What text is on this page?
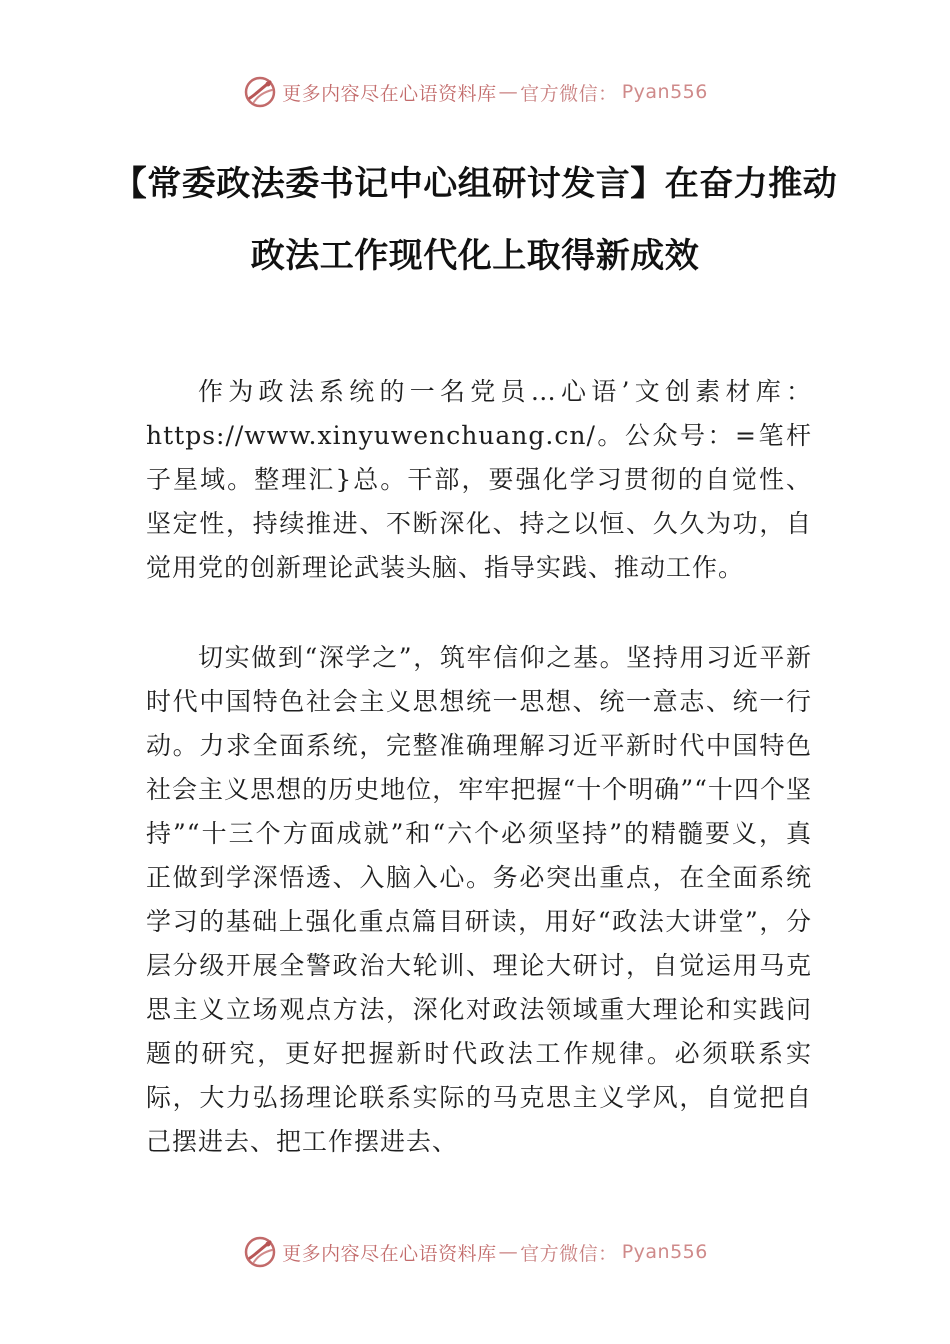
更多内容尽在心语资料库 — 官方微信： Pyan556
【常委政法委书记中心组研讨发言】在奋力推动政法工作现代化上取得新成效

作为政法系统的一名党员…心语’文创素材库：https://www.xinyuwenchuang.cn/。公众号：=笔杆子星域。整理汇}总。干部，要强化学习贯彻的自觉性、坚定性，持续推进、不断深化、持之以恒、久久为功，自觉用党的创新理论武装头脑、指导实践、推动工作。

切实做到“深学之”，筑牢信仰之基。坚持用习近平新时代中国特色社会主义思想统一思想、统一意志、统一行动。力求全面系统，完整准确理解习近平新时代中国特色社会主义思想的历史地位，牢牢把握“十个明确”“十四个坚持”“十三个方面成就”和“六个必须坚持”的精髓要义，真正做到学深悟透、入脑入心。务必突出重点，在全面系统学习的基础上强化重点篇目研读，用好“政法大讲堂”，分层分级开展全警政治大轮训、理论大研讨，自觉运用马克思主义立场观点方法，深化对政法领域重大理论和实践问题的研究，更好把握新时代政法工作规律。必须联系实际，大力弘扬理论联系实际的马克思主义学风，自觉把自己摆进去、把工作摆进去、

更多内容尽在心语资料库 — 官方微信： Pyan556
